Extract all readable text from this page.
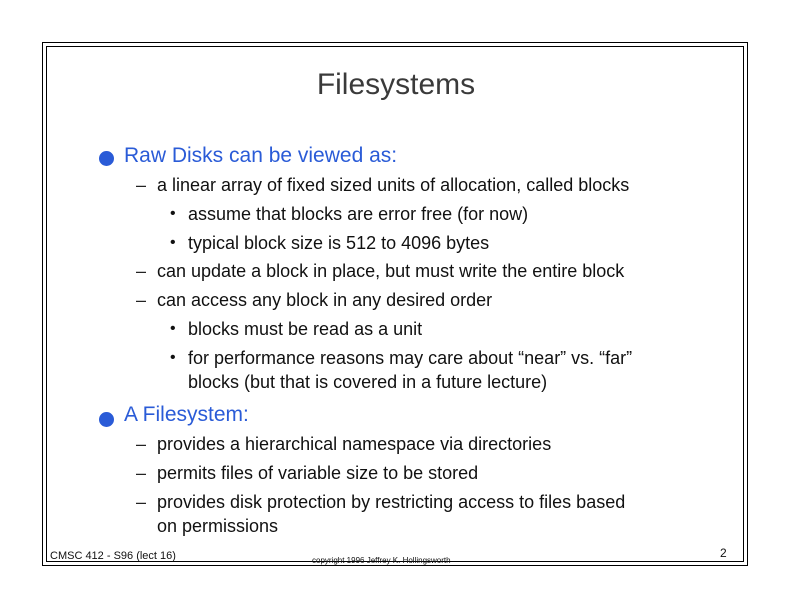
Filesystems
Raw Disks can be viewed as:
– a linear array of fixed sized units of allocation, called blocks
• assume that blocks are error free (for now)
• typical block size is 512 to 4096 bytes
– can update a block in place, but must write the entire block
– can access any block in any desired order
• blocks must be read as a unit
• for performance reasons may care about “near” vs. “far”
blocks (but that is covered in a future lecture)
A Filesystem:
– provides a hierarchical namespace via directories
– permits files of variable size to be stored
– provides disk protection by restricting access to files based
on permissions
CMSC 412 - S96 (lect 16)	copyright 1996 Jeffrey K. Hollingsworth
2
